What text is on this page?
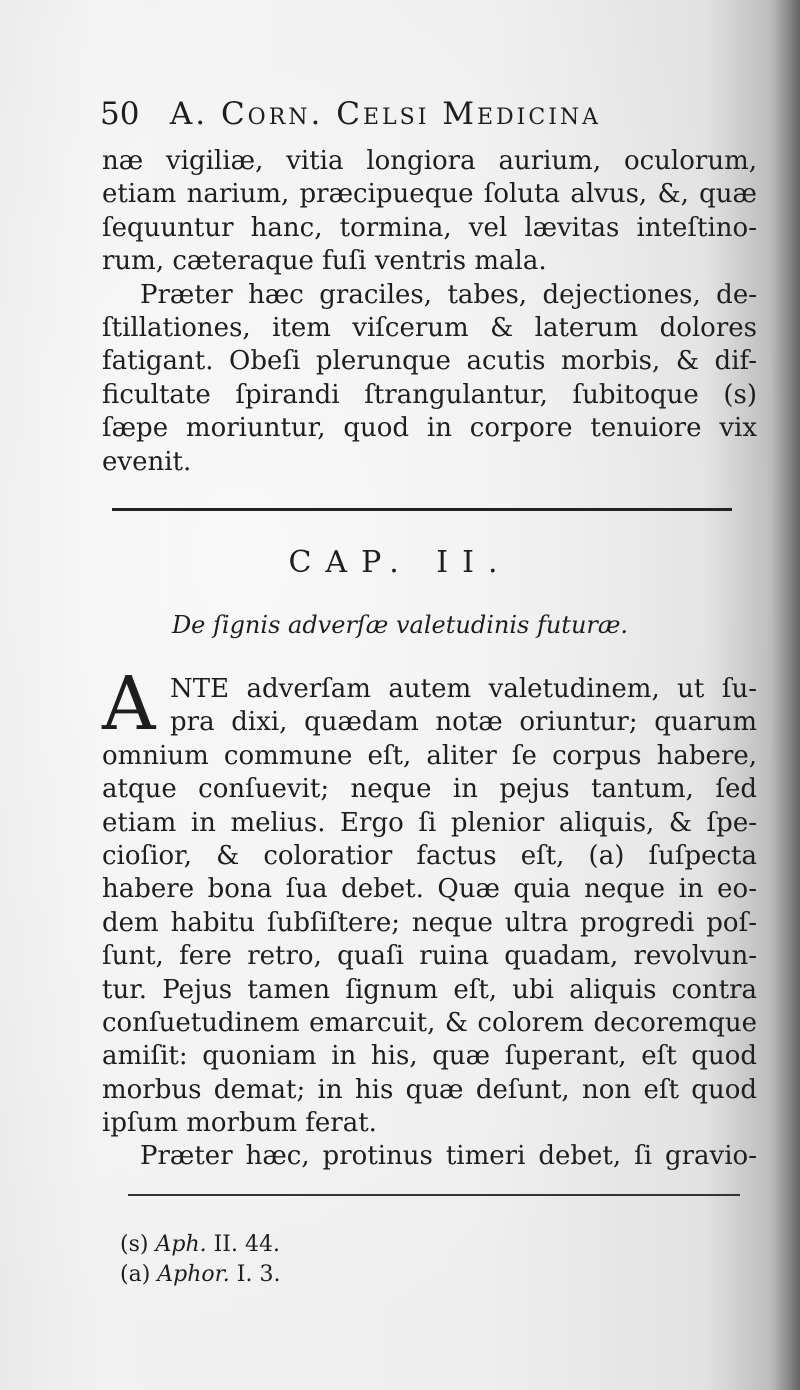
50 A. Corn. Celsi Medicina
næ vigiliæ, vitia longiora aurium, oculorum,
etiam narium, præcipueque ſoluta alvus, &, quæ
ſequuntur hanc, tormina, vel lævitas inteſtino-
rum, cæteraque fuſi ventris mala.
Præter hæc graciles, tabes, dejectiones, de-
ſtillationes, item viſcerum & laterum dolores
fatigant. Obeſi plerunque acutis morbis, & dif-
ficultate ſpirandi ſtrangulantur, ſubitoque (s)
ſæpe moriuntur, quod in corpore tenuiore vix
evenit.
CAP. II.
De ſignis adverſæ valetudinis futuræ.
A NTE adverſam autem valetudinem, ut ſu-
pra dixi, quædam notæ oriuntur; quarum
omnium commune eſt, aliter ſe corpus habere,
atque conſuevit; neque in pejus tantum, ſed
etiam in melius. Ergo ſi plenior aliquis, & ſpe-
cioſior, & coloratior factus eſt, (a) ſuſpecta
habere bona ſua debet. Quæ quia neque in eo-
dem habitu ſubſiſtere; neque ultra progredi poſ-
ſunt, fere retro, quaſi ruina quadam, revolvun-
tur. Pejus tamen ſignum eſt, ubi aliquis contra
conſuetudinem emarcuit, & colorem decoremque
amiſit: quoniam in his, quæ ſuperant, eſt quod
morbus demat; in his quæ deſunt, non eſt quod
ipſum morbum ferat.
Præter hæc, protinus timeri debet, ſi gravio-
(s) Aph. II. 44.
(a) Aphor. I. 3.
